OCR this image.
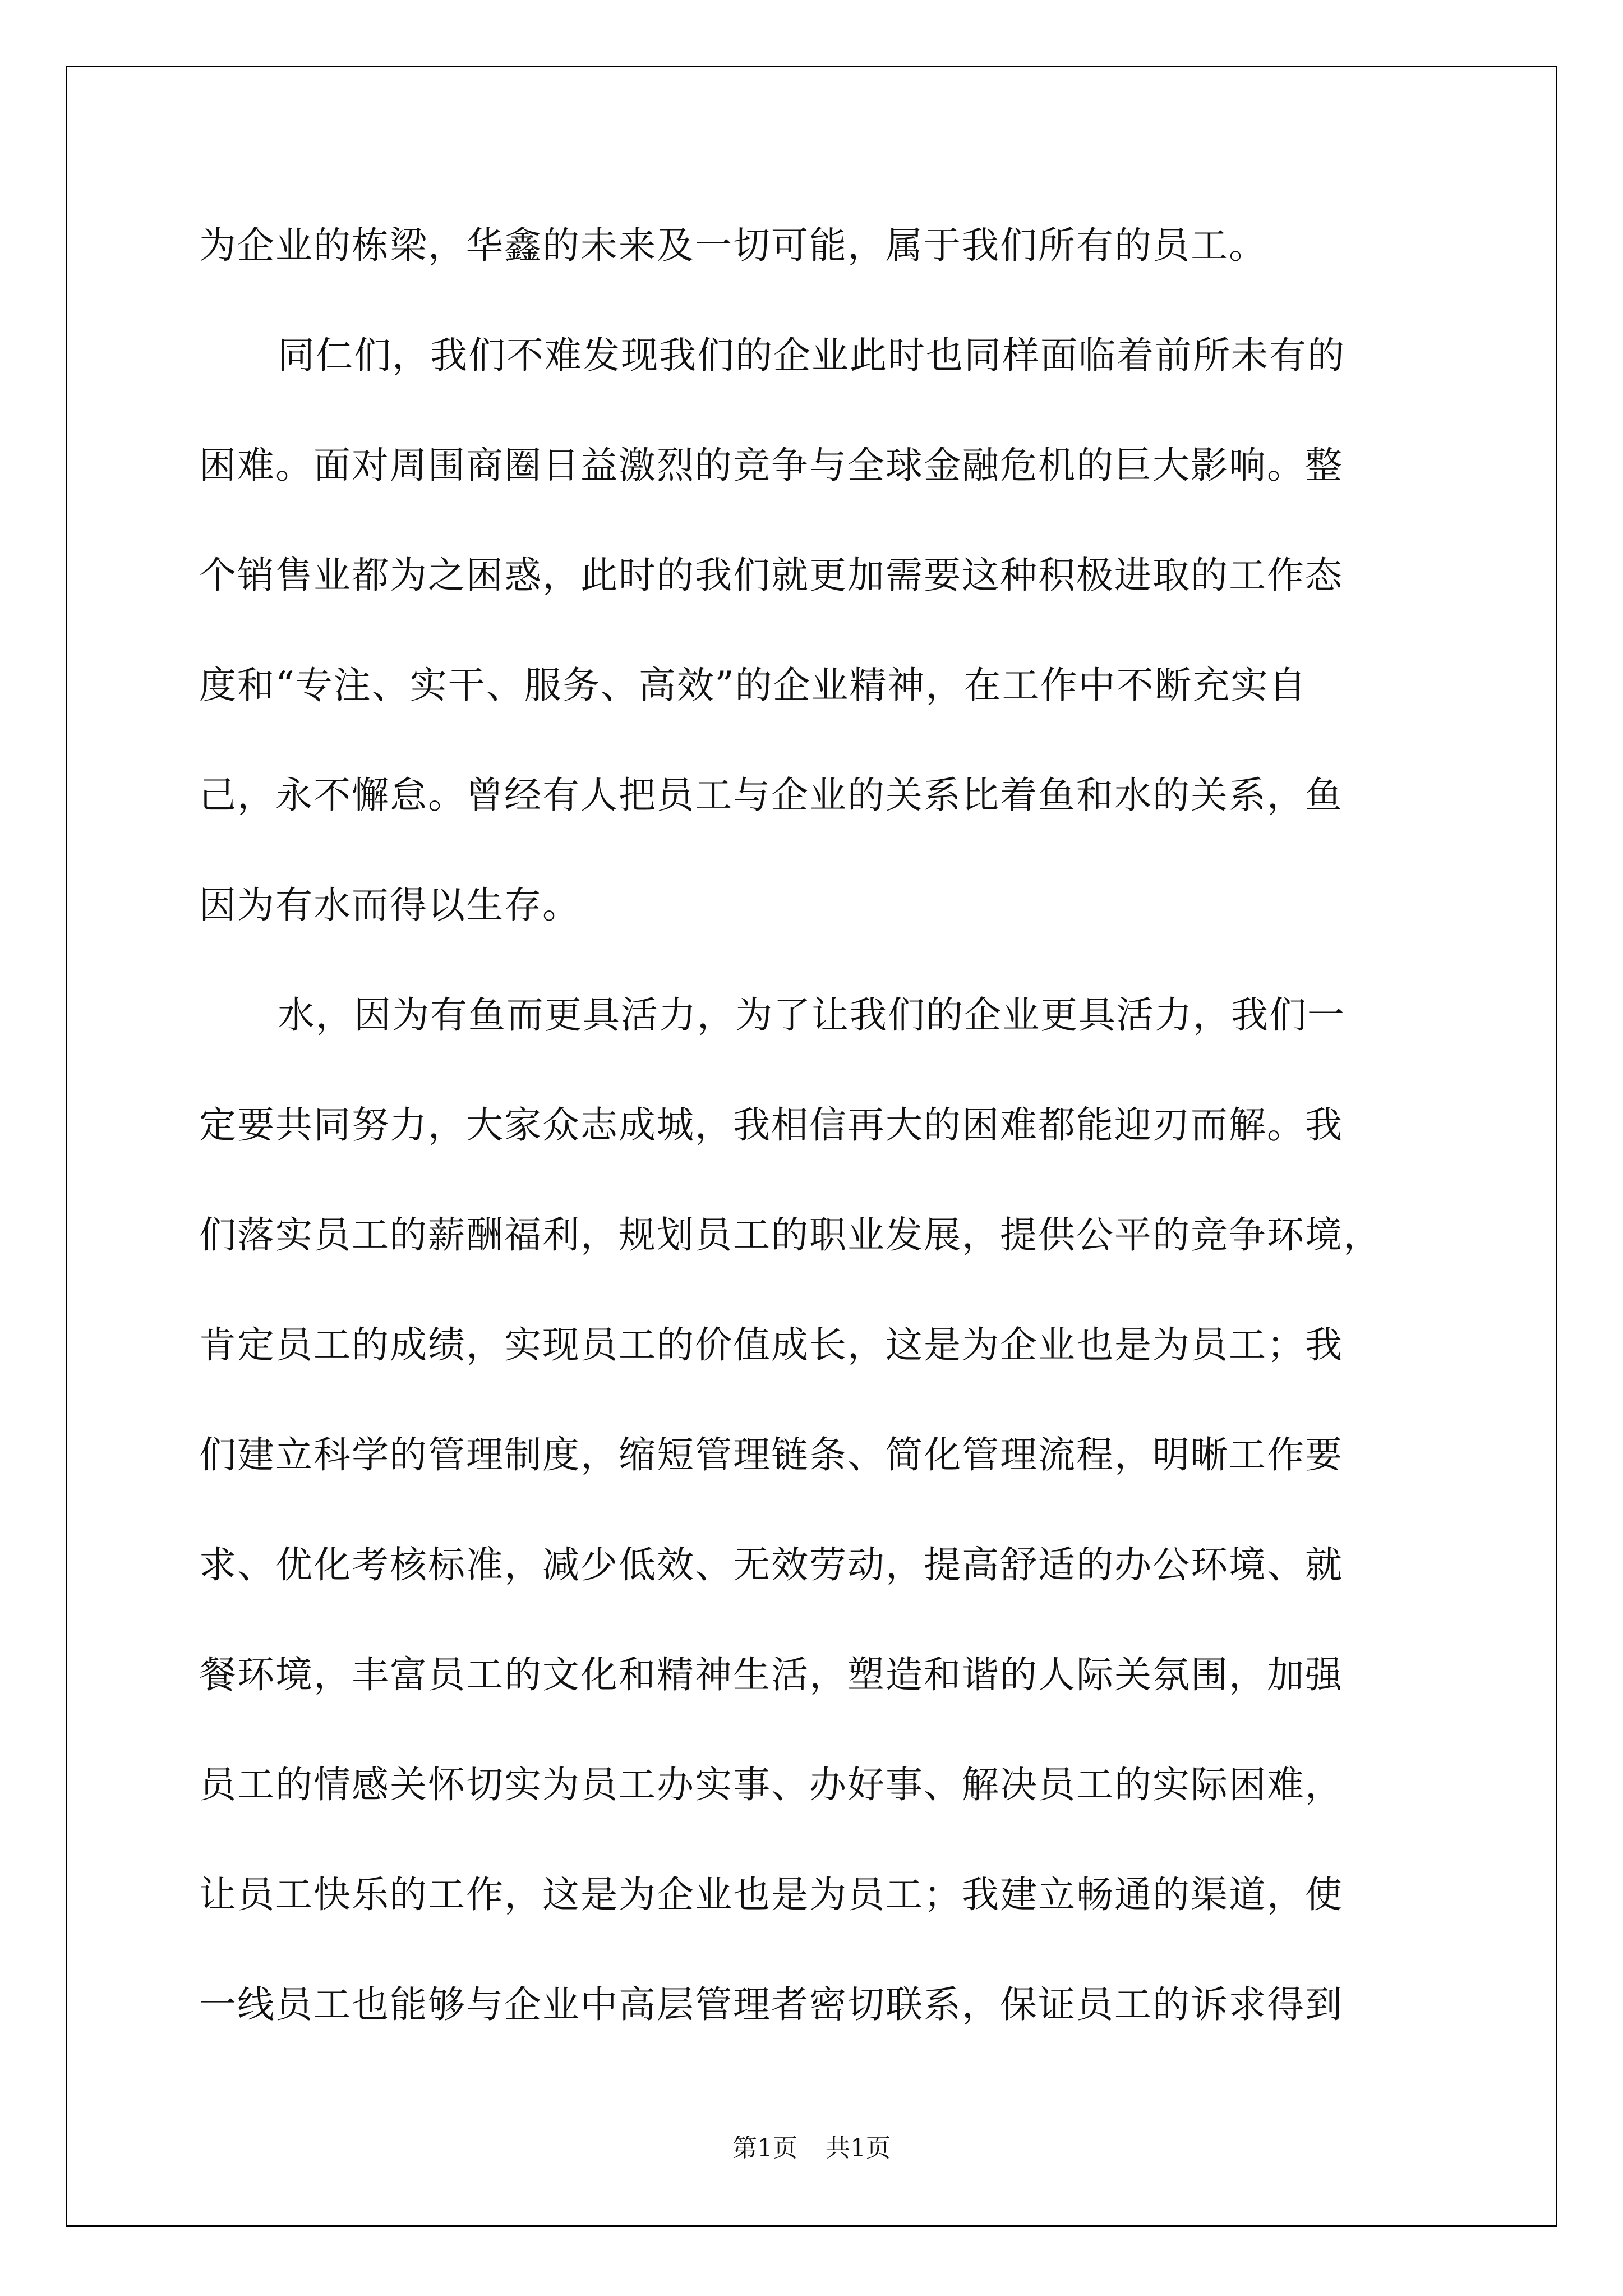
为企业的栋梁，华鑫的未来及一切可能，属于我们所有的员工。
同仁们，我们不难发现我们的企业此时也同样面临着前所未有的
困难。面对周围商圈日益激烈的竞争与全球金融危机的巨大影响。整
个销售业都为之困惑，此时的我们就更加需要这种积极进取的工作态
度和“专注、实干、服务、高效”的企业精神，在工作中不断充实自
己，永不懈怠。曾经有人把员工与企业的关系比着鱼和水的关系，鱼
因为有水而得以生存。
水，因为有鱼而更具活力，为了让我们的企业更具活力，我们一
定要共同努力，大家众志成城，我相信再大的困难都能迎刃而解。我
们落实员工的薪酬福利，规划员工的职业发展，提供公平的竞争环境，
肯定员工的成绩，实现员工的价值成长，这是为企业也是为员工；我
们建立科学的管理制度，缩短管理链条、简化管理流程，明晰工作要
求、优化考核标准，减少低效、无效劳动，提高舒适的办公环境、就
餐环境，丰富员工的文化和精神生活，塑造和谐的人际关氛围，加强
员工的情感关怀切实为员工办实事、办好事、解决员工的实际困难，
让员工快乐的工作，这是为企业也是为员工；我建立畅通的渠道，使
一线员工也能够与企业中高层管理者密切联系，保证员工的诉求得到
第1页 共1页
